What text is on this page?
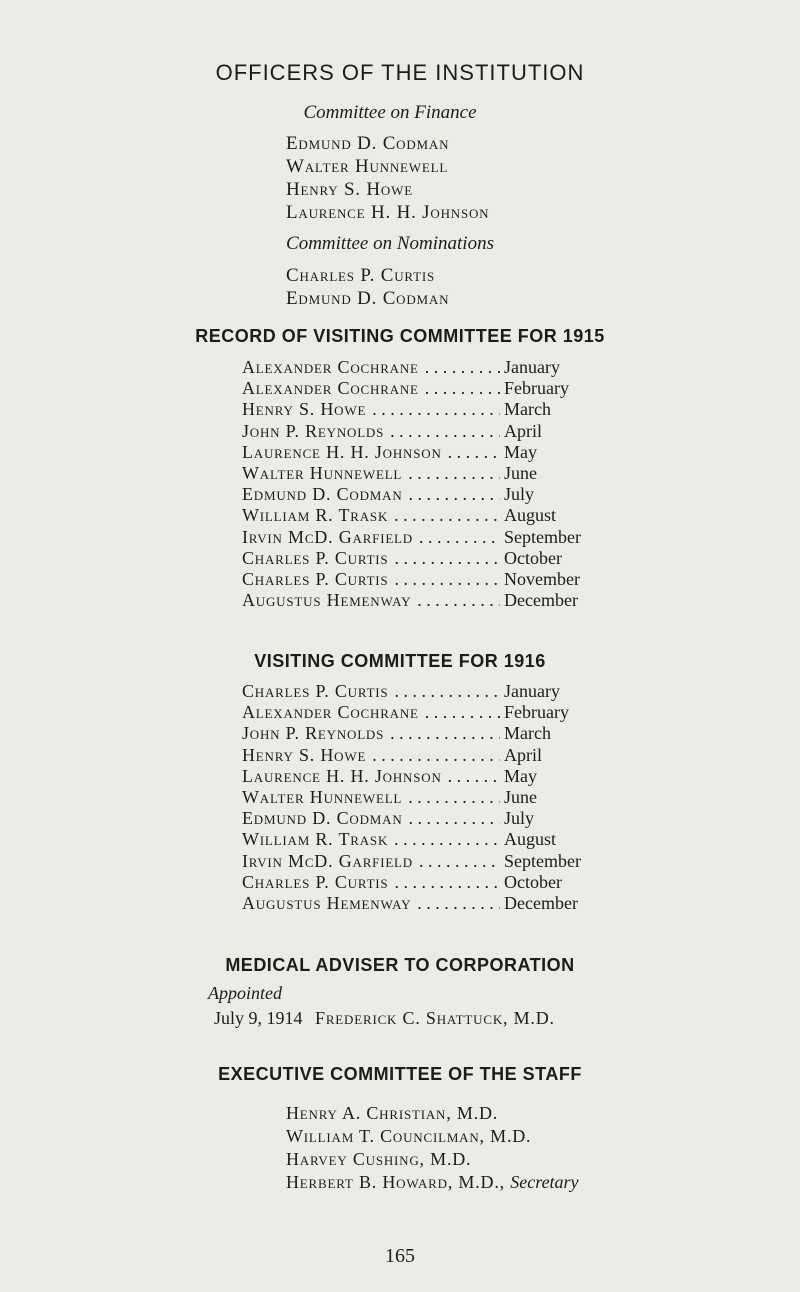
OFFICERS OF THE INSTITUTION
Committee on Finance
Edmund D. Codman
Walter Hunnewell
Henry S. Howe
Laurence H. H. Johnson
Committee on Nominations
Charles P. Curtis
Edmund D. Codman
RECORD OF VISITING COMMITTEE FOR 1915
Alexander Cochrane . . .	January
Alexander Cochrane . . .	February
Henry S. Howe . . .	March
John P. Reynolds . . .	April
Laurence H. H. Johnson . . .	May
Walter Hunnewell . . .	June
Edmund D. Codman . . .	July
William R. Trask . . .	August
Irvin McD. Garfield . . .	September
Charles P. Curtis . . .	October
Charles P. Curtis . . .	November
Augustus Hemenway . . .	December
VISITING COMMITTEE FOR 1916
Charles P. Curtis . . .	January
Alexander Cochrane . . .	February
John P. Reynolds . . .	March
Henry S. Howe . . .	April
Laurence H. H. Johnson . . .	May
Walter Hunnewell . . .	June
Edmund D. Codman . . .	July
William R. Trask . . .	August
Irvin McD. Garfield . . .	September
Charles P. Curtis . . .	October
Augustus Hemenway . . .	December
MEDICAL ADVISER TO CORPORATION
Appointed
July 9, 1914 Frederick C. Shattuck, M.D.
EXECUTIVE COMMITTEE OF THE STAFF
Henry A. Christian, M.D.
William T. Councilman, M.D.
Harvey Cushing, M.D.
Herbert B. Howard, M.D., Secretary
165
